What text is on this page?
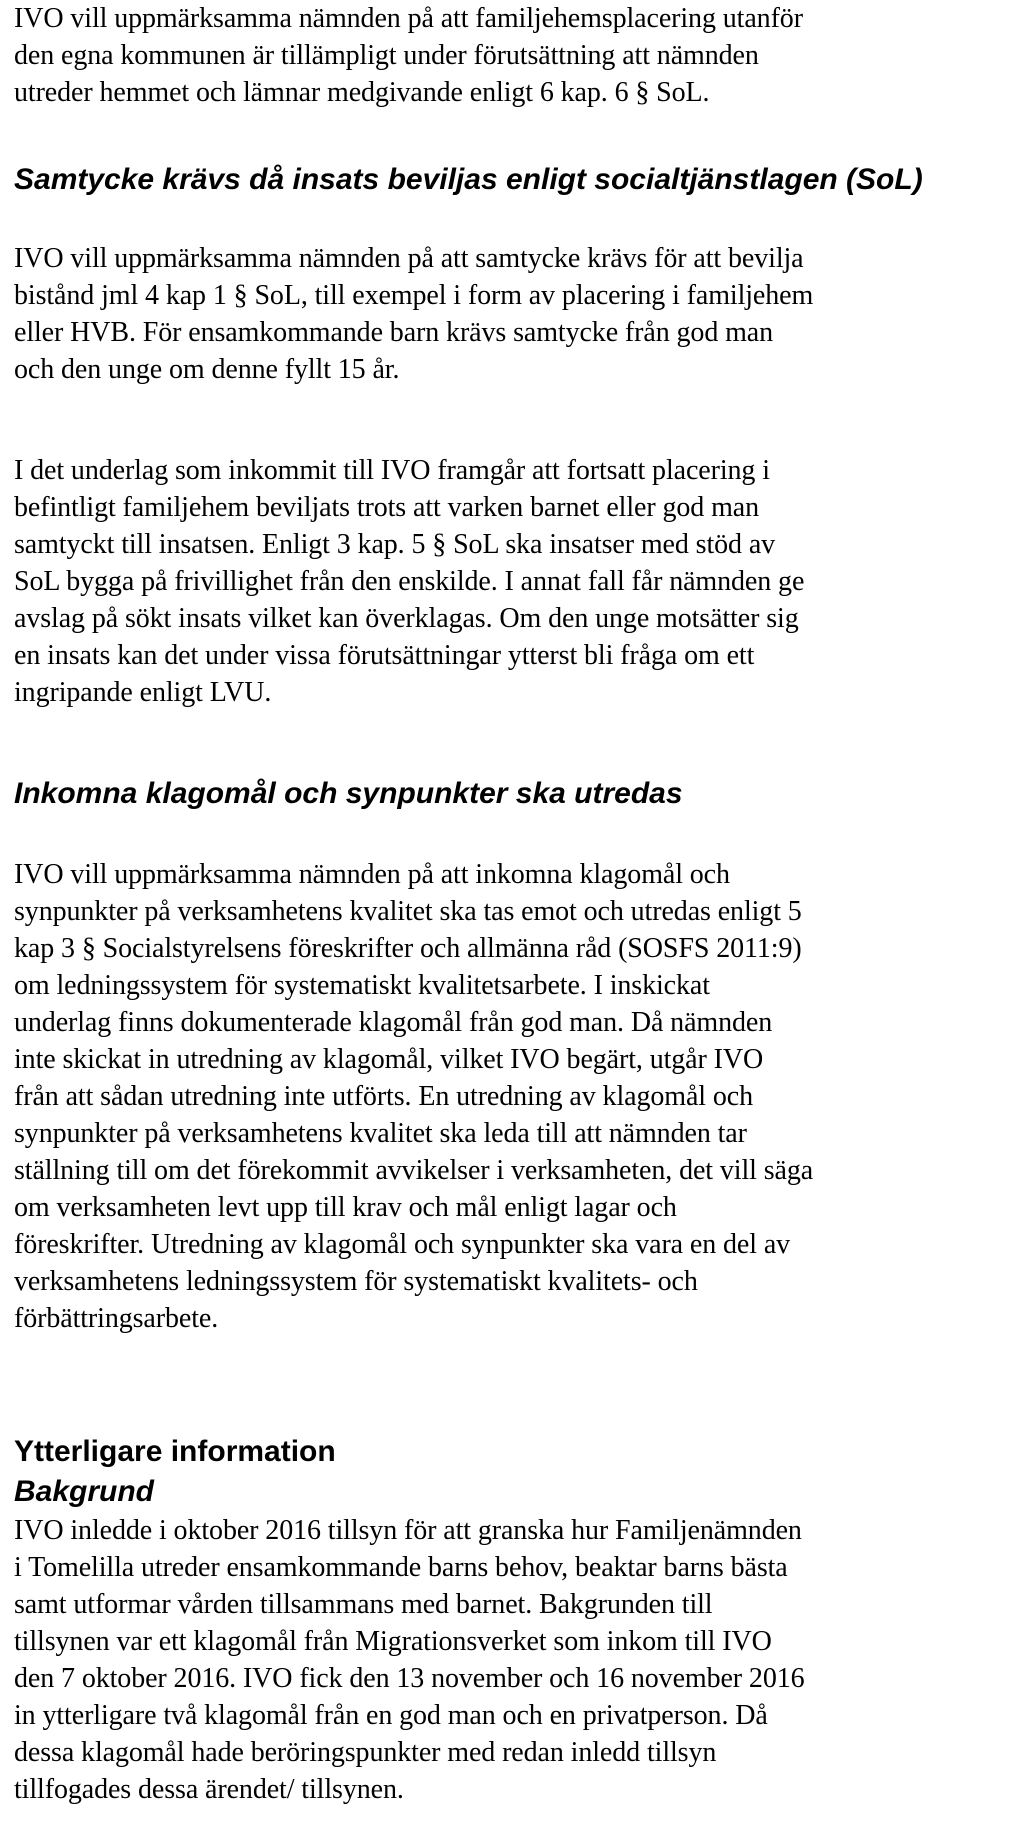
IVO vill uppmärksamma nämnden på att familjehemsplacering utanför
den egna kommunen är tillämpligt under förutsättning att nämnden
utreder hemmet och lämnar medgivande enligt 6 kap. 6 § SoL.
Samtycke krävs då insats beviljas enligt socialtjänstlagen (SoL)
IVO vill uppmärksamma nämnden på att samtycke krävs för att bevilja
bistånd jml 4 kap 1 § SoL, till exempel i form av placering i familjehem
eller HVB. För ensamkommande barn krävs samtycke från god man
och den unge om denne fyllt 15 år.
I det underlag som inkommit till IVO framgår att fortsatt placering i
befintligt familjehem beviljats trots att varken barnet eller god man
samtyckt till insatsen. Enligt 3 kap. 5 § SoL ska insatser med stöd av
SoL bygga på frivillighet från den enskilde. I annat fall får nämnden ge
avslag på sökt insats vilket kan överklagas. Om den unge motsätter sig
en insats kan det under vissa förutsättningar ytterst bli fråga om ett
ingripande enligt LVU.
Inkomna klagomål och synpunkter ska utredas
IVO vill uppmärksamma nämnden på att inkomna klagomål och
synpunkter på verksamhetens kvalitet ska tas emot och utredas enligt 5
kap 3 § Socialstyrelsens föreskrifter och allmänna råd (SOSFS 2011:9)
om ledningssystem för systematiskt kvalitetsarbete. I inskickat
underlag finns dokumenterade klagomål från god man. Då nämnden
inte skickat in utredning av klagomål, vilket IVO begärt, utgår IVO
från att sådan utredning inte utförts. En utredning av klagomål och
synpunkter på verksamhetens kvalitet ska leda till att nämnden tar
ställning till om det förekommit avvikelser i verksamheten, det vill säga
om verksamheten levt upp till krav och mål enligt lagar och
föreskrifter. Utredning av klagomål och synpunkter ska vara en del av
verksamhetens ledningssystem för systematiskt kvalitets- och
förbättringsarbete.
Ytterligare information
Bakgrund
IVO inledde i oktober 2016 tillsyn för att granska hur Familjenämnden
i Tomelilla utreder ensamkommande barns behov, beaktar barns bästa
samt utformar vården tillsammans med barnet. Bakgrunden till
tillsynen var ett klagomål från Migrationsverket som inkom till IVO
den 7 oktober 2016. IVO fick den 13 november och 16 november 2016
in ytterligare två klagomål från en god man och en privatperson. Då
dessa klagomål hade beröringspunkter med redan inledd tillsyn
tillfogades dessa ärendet/ tillsynen.
